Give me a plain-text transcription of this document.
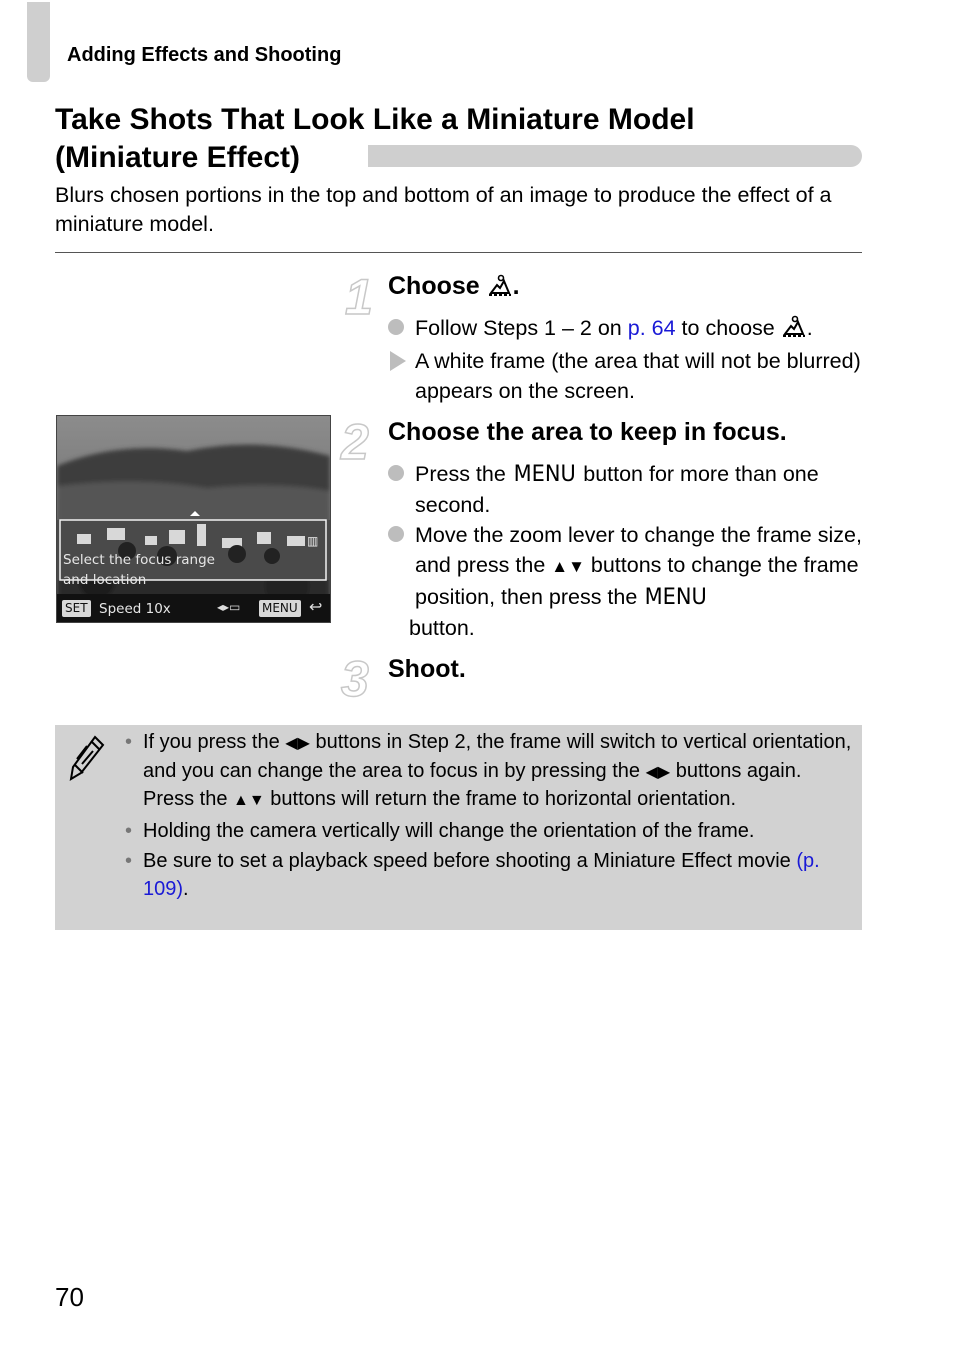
Adding Effects and Shooting
Take Shots That Look Like a Miniature Model
(Miniature Effect)
Blurs chosen portions in the top and bottom of an image to produce the effect of a miniature model.
1 Choose .
Follow Steps 1 – 2 on p. 64 to choose .
A white frame (the area that will not be blurred) appears on the screen.
Select the focus range
and location
SET Speed 10x	◂▸▭ MENU ↩
▥
2 Choose the area to keep in focus.
Press the MENU button for more than one second.
Move the zoom lever to change the frame size, and press the ▲▼ buttons to change the frame position, then press the MENU
button.
3 Shoot.
• If you press the ◀▶ buttons in Step 2, the frame will switch to vertical orientation, and you can change the area to focus in by pressing the ◀▶ buttons again. Press the ▲▼ buttons will return the frame to horizontal orientation.
• Holding the camera vertically will change the orientation of the frame.
• Be sure to set a playback speed before shooting a Miniature Effect movie (p. 109).
70
